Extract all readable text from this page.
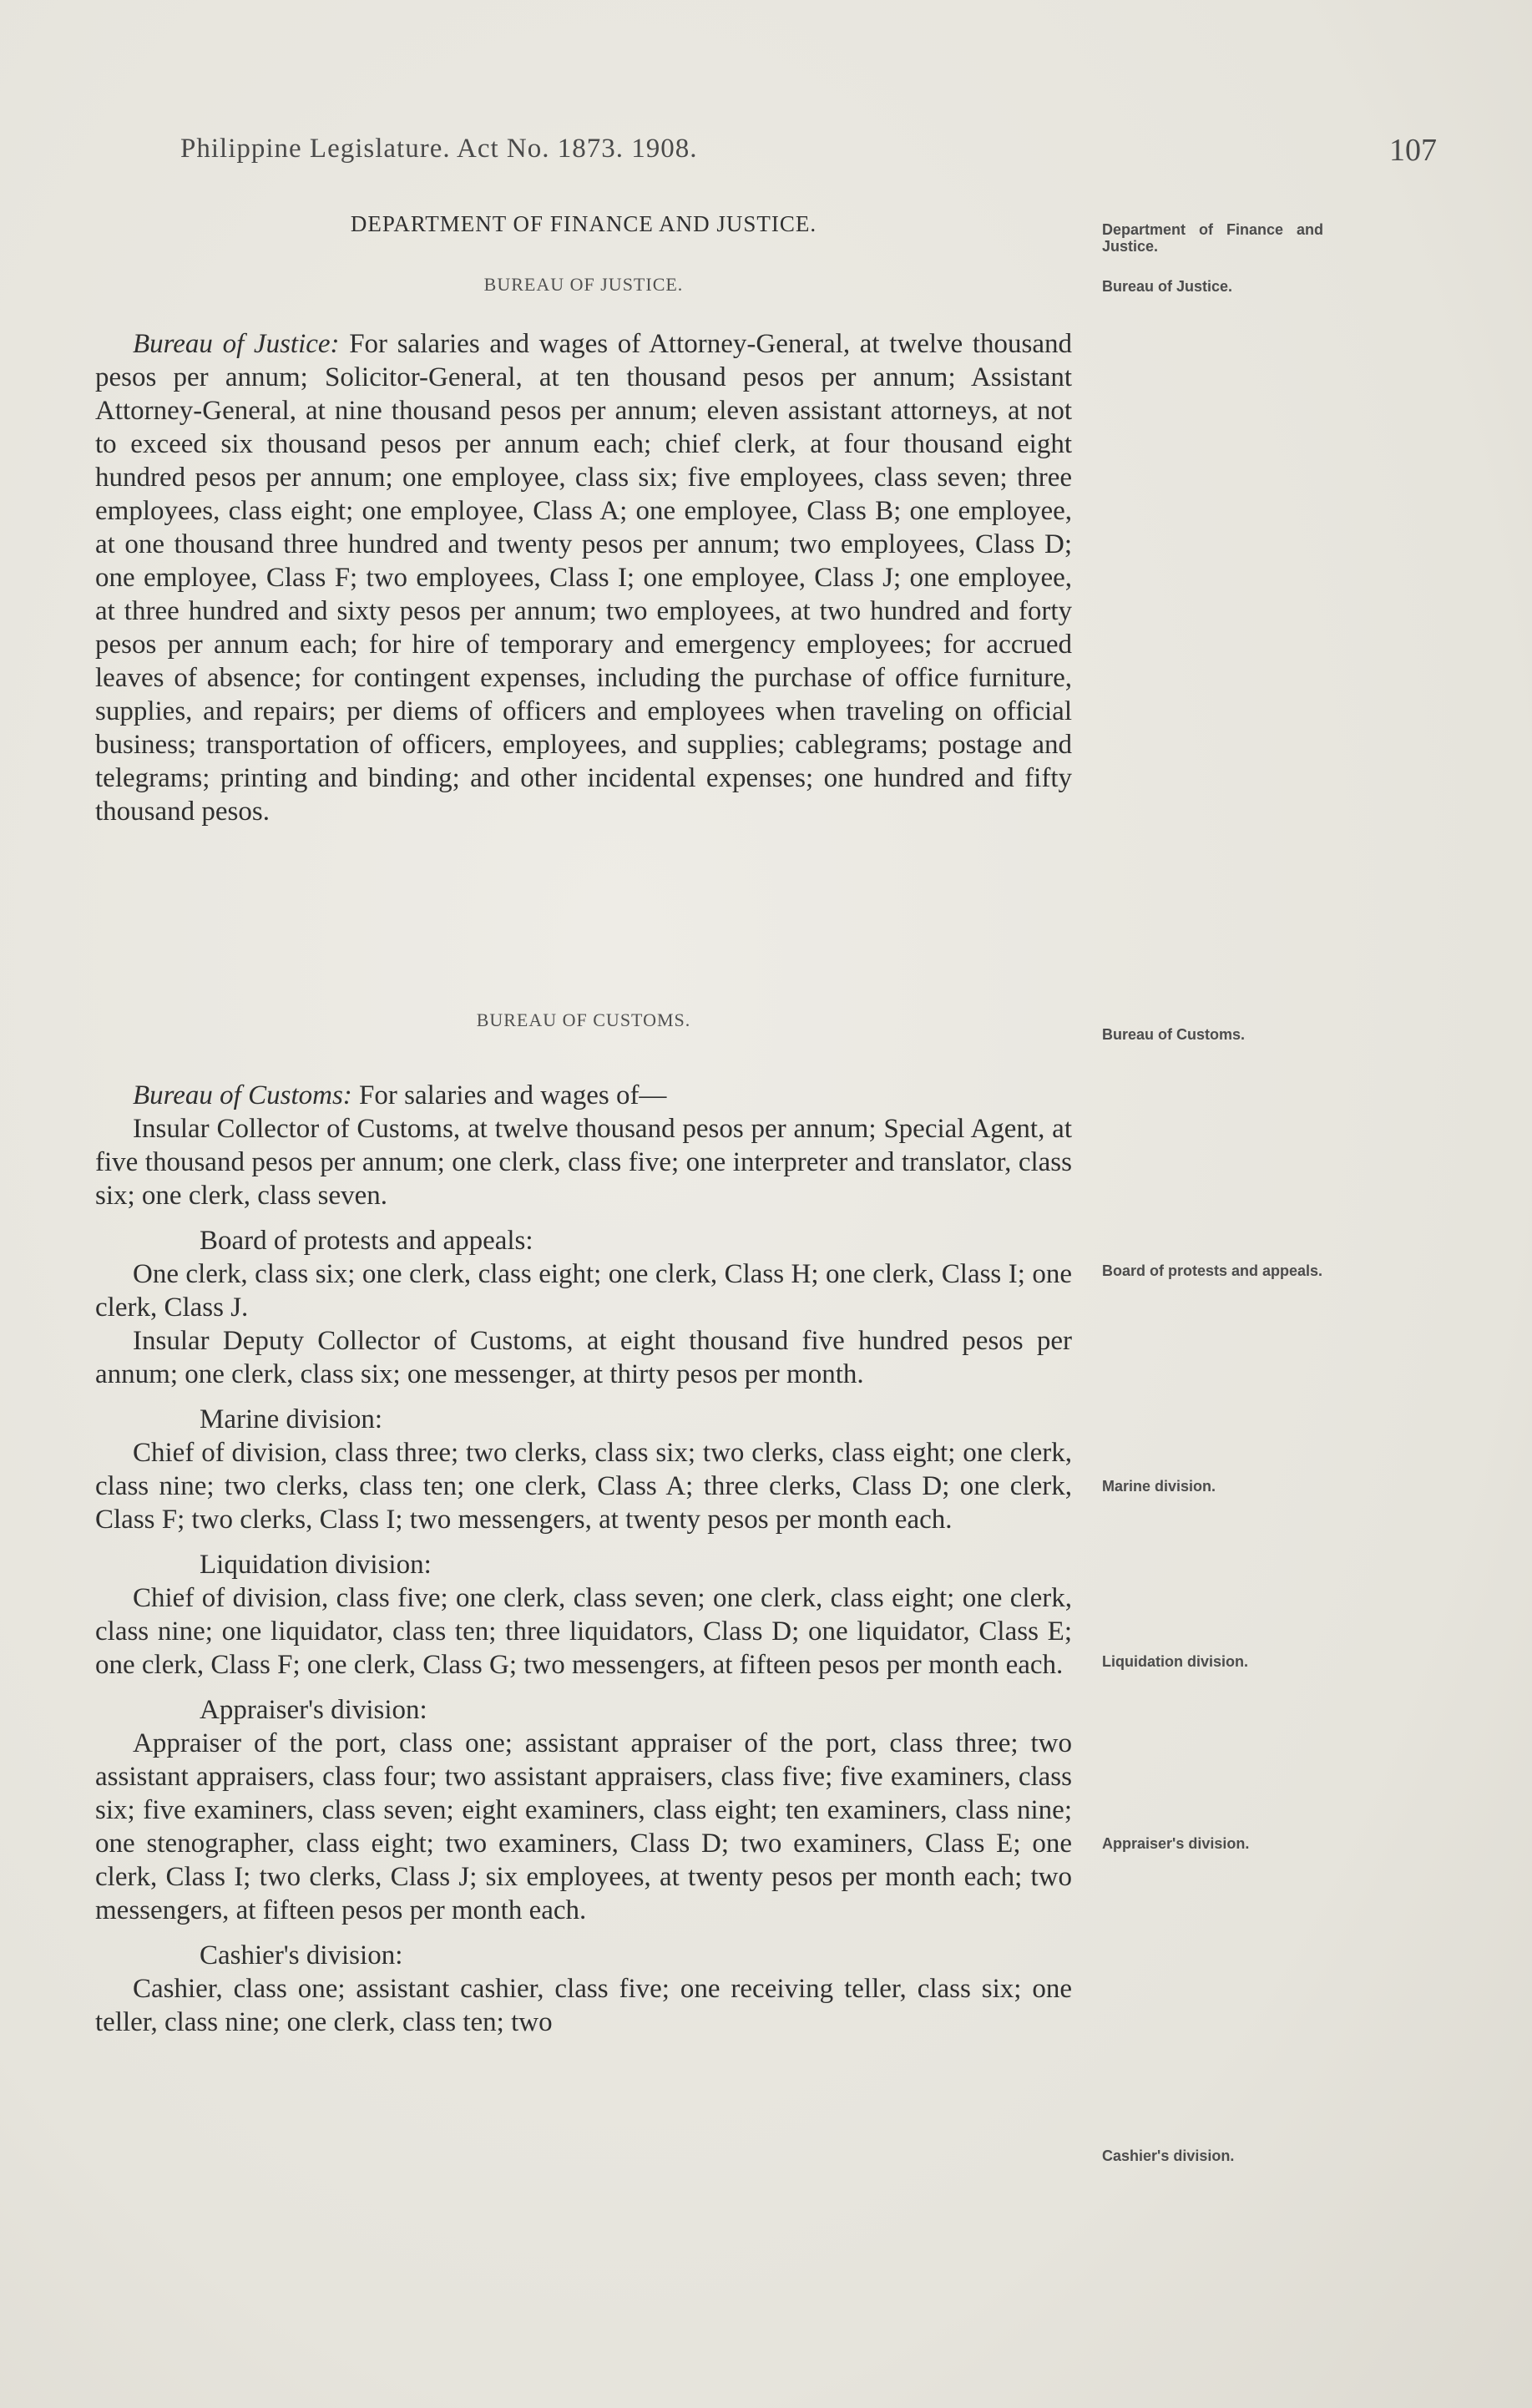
Philippine Legislature. Act No. 1873. 1908.	107
DEPARTMENT OF FINANCE AND JUSTICE.
BUREAU OF JUSTICE.
Department of Finance and Justice.
Bureau of Justice.

Bureau of Justice: For salaries and wages of Attorney-General, at twelve thousand pesos per annum; Solicitor-General, at ten thousand pesos per annum; Assistant Attorney-General, at nine thousand pesos per annum; eleven assistant attorneys, at not to exceed six thousand pesos per annum each; chief clerk, at four thousand eight hundred pesos per annum; one employee, class six; five employees, class seven; three employees, class eight; one employee, Class A; one employee, Class B; one employee, at one thousand three hundred and twenty pesos per annum; two employees, Class D; one employee, Class F; two employees, Class I; one employee, Class J; one employee, at three hundred and sixty pesos per annum; two employees, at two hundred and forty pesos per annum each; for hire of temporary and emergency employees; for accrued leaves of absence; for contingent expenses, including the purchase of office furniture, supplies, and repairs; per diems of officers and employees when traveling on official business; transportation of officers, employees, and supplies; cablegrams; postage and telegrams; printing and binding; and other incidental expenses; one hundred and fifty thousand pesos.

BUREAU OF CUSTOMS.
Bureau of Customs.

Bureau of Customs: For salaries and wages of—

Insular Collector of Customs, at twelve thousand pesos per annum; Special Agent, at five thousand pesos per annum; one clerk, class five; one interpreter and translator, class six; one clerk, class seven.

Board of protests and appeals:

One clerk, class six; one clerk, class eight; one clerk, Class H; one clerk, Class I; one clerk, Class J.

Insular Deputy Collector of Customs, at eight thousand five hundred pesos per annum; one clerk, class six; one messenger, at thirty pesos per month.

Marine division:

Chief of division, class three; two clerks, class six; two clerks, class eight; one clerk, class nine; two clerks, class ten; one clerk, Class A; three clerks, Class D; one clerk, Class F; two clerks, Class I; two messengers, at twenty pesos per month each.

Liquidation division:

Chief of division, class five; one clerk, class seven; one clerk, class eight; one clerk, class nine; one liquidator, class ten; three liquidators, Class D; one liquidator, Class E; one clerk, Class F; one clerk, Class G; two messengers, at fifteen pesos per month each.

Appraiser's division:

Appraiser of the port, class one; assistant appraiser of the port, class three; two assistant appraisers, class four; two assistant appraisers, class five; five examiners, class six; five examiners, class seven; eight examiners, class eight; ten examiners, class nine; one stenographer, class eight; two examiners, Class D; two examiners, Class E; one clerk, Class I; two clerks, Class J; six employees, at twenty pesos per month each; two messengers, at fifteen pesos per month each.

Cashier's division:

Cashier, class one; assistant cashier, class five; one receiving teller, class six; one teller, class nine; one clerk, class ten; two

Board of protests and appeals.
Marine division.
Liquidation division.
Appraiser's division.
Cashier's division.
